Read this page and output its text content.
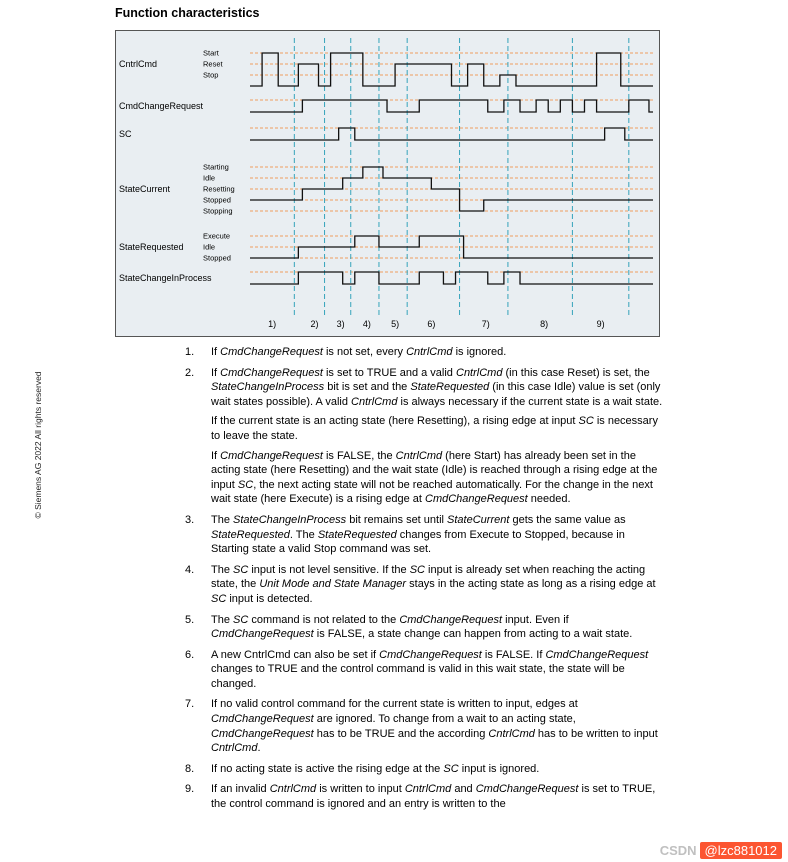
Function characteristics
© Siemens AG 2022 All rights reserved
Start
Reset
Stop
CntrlCmd
CmdChangeRequest
SC
Starting
Idle
Resetting
Stopped
Stopping
StateCurrent
Execute
Idle
Stopped
StateRequested
StateChangeInProcess
1)	2) 3) 4) 5)	6)	7)	8)	9)
1.	If CmdChangeRequest is not set, every CntrlCmd is ignored.

2.	If CmdChangeRequest is set to TRUE and a valid CntrlCmd (in this case Reset) is set, the StateChangeInProcess bit is set and the StateRequested (in this case Idle) value is set (only wait states possible). A valid CntrlCmd is always necessary if the current state is a wait state.

If the current state is an acting state (here Resetting), a rising edge at input SC is necessary to leave the state.

If CmdChangeRequest is FALSE, the CntrlCmd (here Start) has already been set in the acting state (here Resetting) and the wait state (Idle) is reached through a rising edge at the input SC, the next acting state will not be reached automatically. For the change in the next wait state (here Execute) is a rising edge at CmdChangeRequest needed.

3.	The StateChangeInProcess bit remains set until StateCurrent gets the same value as StateRequested. The StateRequested changes from Execute to Stopped, because in Starting state a valid Stop command was set.

4.	The SC input is not level sensitive. If the SC input is already set when reaching the acting state, the Unit Mode and State Manager stays in the acting state as long as a rising edge at SC input is detected.

5.	The SC command is not related to the CmdChangeRequest input. Even if CmdChangeRequest is FALSE, a state change can happen from acting to a wait state.

6.	A new CntrlCmd can also be set if CmdChangeRequest is FALSE. If CmdChangeRequest changes to TRUE and the control command is valid in this wait state, the state will be changed.

7.	If no valid control command for the current state is written to input, edges at CmdChangeRequest are ignored. To change from a wait to an acting state, CmdChangeRequest has to be TRUE and the according CntrlCmd has to be written to input CntrlCmd.

8.	If no acting state is active the rising edge at the SC input is ignored.

9.	If an invalid CntrlCmd is written to input CntrlCmd and CmdChangeRequest is set to TRUE, the control command is ignored and an entry is written to the

CSDN @lzc881012
